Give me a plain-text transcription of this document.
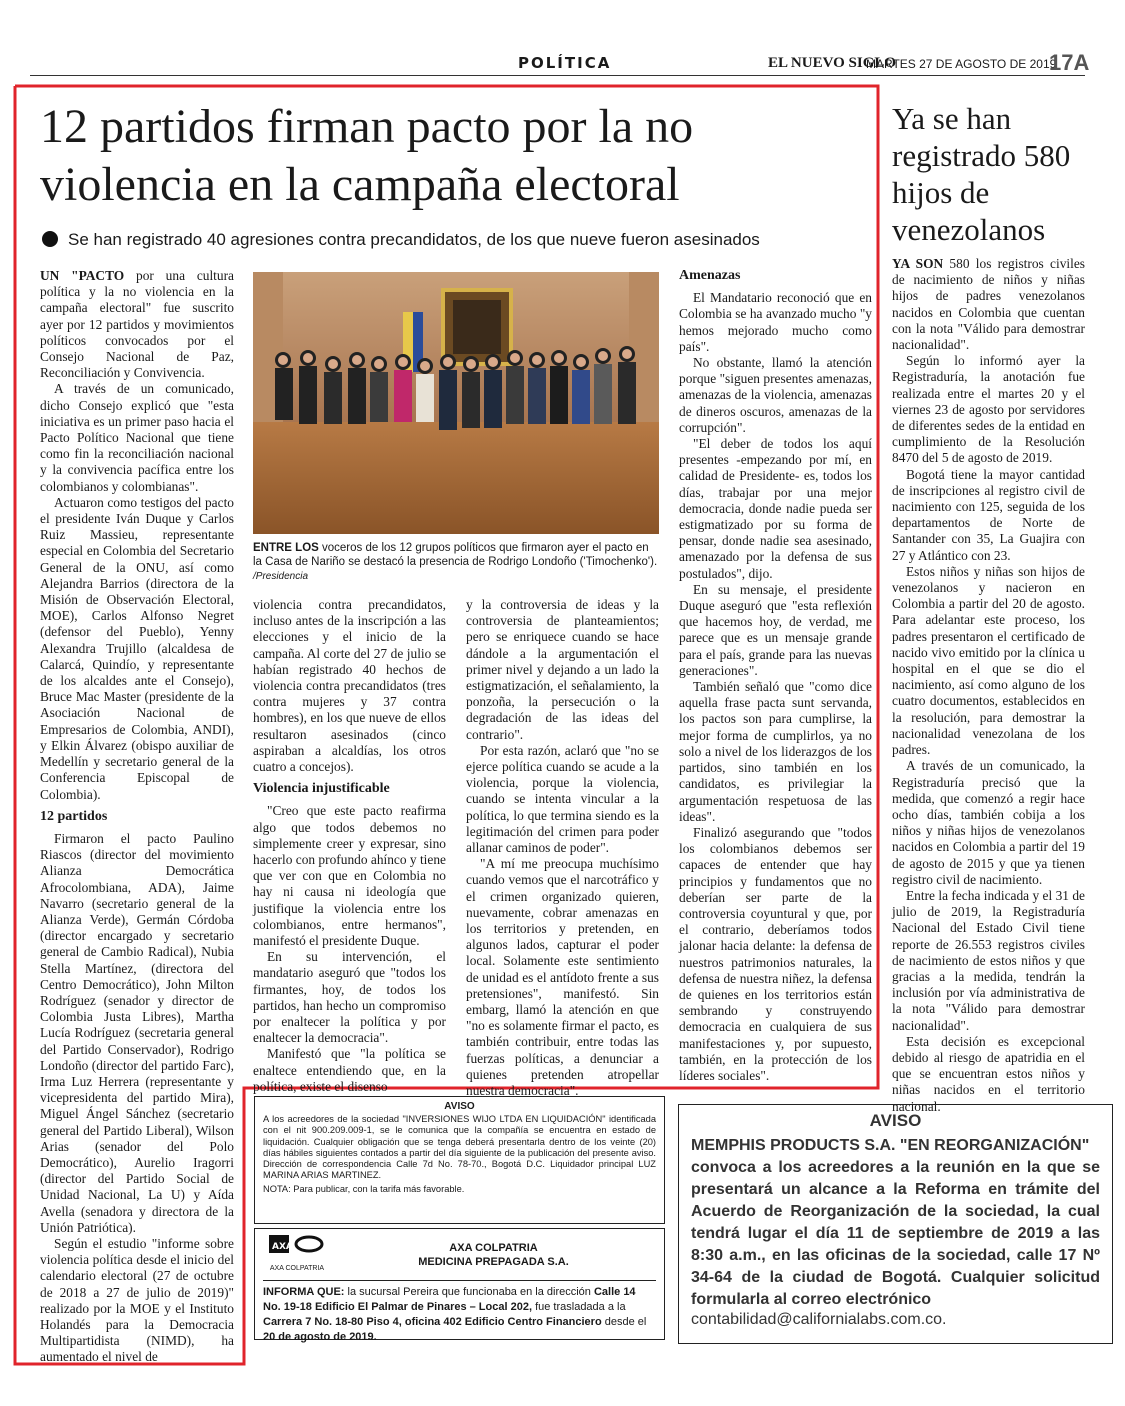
POLÍTICA	EL NUEVO SIGLO
MARTES 27 DE AGOSTO DE 2019
17A
12 partidos firman pacto por la no violencia en la campaña electoral
Se han registrado 40 agresiones contra precandidatos, de los que nueve fueron asesinados

UN "PACTO por una cultura política y la no violencia en la campaña electoral" fue suscrito ayer por 12 partidos y movimientos políticos convocados por el Consejo Nacional de Paz, Reconciliación y Convivencia.

A través de un comunicado, dicho Consejo explicó que "esta iniciativa es un primer paso hacia el Pacto Político Nacional que tiene como fin la reconciliación nacional y la convivencia pacífica entre los colombianos y colombianas".

Actuaron como testigos del pacto el presidente Iván Duque y Carlos Ruiz Massieu, representante especial en Colombia del Secretario General de la ONU, así como Alejandra Barrios (directora de la Misión de Observación Electoral, MOE), Carlos Alfonso Negret (defensor del Pueblo), Yenny Alexandra Trujillo (alcaldesa de Calarcá, Quindío, y representante de los alcaldes ante el Consejo), Bruce Mac Master (presidente de la Asociación Nacional de Empresarios de Colombia, ANDI), y Elkin Álvarez (obispo auxiliar de Medellín y secretario general de la Conferencia Episcopal de Colombia).

12 partidos

Firmaron el pacto Paulino Riascos (director del movimiento Alianza Democrática Afrocolombiana, ADA), Jaime Navarro (secretario general de la Alianza Verde), Germán Córdoba (director encargado y secretario general de Cambio Radical), Nubia Stella Martínez, (directora del Centro Democrático), John Milton Rodríguez (senador y director de Colombia Justa Libres), Martha Lucía Rodríguez (secretaria general del Partido Conservador), Rodrigo Londoño (director del partido Farc), Irma Luz Herrera (representante y vicepresidenta del partido Mira), Miguel Ángel Sánchez (secretario general del Partido Liberal), Wilson Arias (senador del Polo Democrático), Aurelio Iragorri (director del Partido Social de Unidad Nacional, La U) y Aída Avella (senadora y directora de la Unión Patriótica).

Según el estudio "informe sobre violencia política desde el inicio del calendario electoral (27 de octubre de 2018 a 27 de julio de 2019)" realizado por la MOE y el Instituto Holandés para la Democracia Multipartidista (NIMD), ha aumentado el nivel de

ENTRE LOS voceros de los 12 grupos políticos que firmaron ayer el pacto en la Casa de Nariño se destacó la presencia de Rodrigo Londoño ('Timochenko').
/Presidencia

violencia contra precandidatos, incluso antes de la inscripción a las elecciones y el inicio de la campaña. Al corte del 27 de julio se habían registrado 40 hechos de violencia contra precandidatos (tres contra mujeres y 37 contra hombres), en los que nueve de ellos resultaron asesinados (cinco aspiraban a alcaldías, los otros cuatro a concejos).

Violencia injustificable

"Creo que este pacto reafirma algo que todos debemos no simplemente creer y expresar, sino hacerlo con profundo ahínco y tiene que ver con que en Colombia no hay ni causa ni ideología que justifique la violencia entre los colombianos, entre hermanos", manifestó el presidente Duque.

En su intervención, el mandatario aseguró que "todos los firmantes, hoy, de todos los partidos, han hecho un compromiso por enaltecer la política y por enaltecer la democracia".

Manifestó que "la política se enaltece entendiendo que, en la política, existe el disenso

y la controversia de ideas y la controversia de planteamientos; pero se enriquece cuando se hace dándole a la argumentación el primer nivel y dejando a un lado la estigmatización, el señalamiento, la ponzoña, la persecución o la degradación de las ideas del contrario".

Por esta razón, aclaró que "no se ejerce política cuando se acude a la violencia, porque la violencia, cuando se intenta vincular a la política, lo que termina siendo es la legitimación del crimen para poder allanar caminos de poder".

"A mí me preocupa muchísimo cuando vemos que el narcotráfico y el crimen organizado quieren, nuevamente, cobrar amenazas en los territorios y pretenden, en algunos lados, capturar el poder local. Solamente este sentimiento de unidad es el antídoto frente a sus pretensiones", manifestó. Sin embarg, llamó la atención en que "no es solamente firmar el pacto, es también contribuir, entre todas las fuerzas políticas, a denunciar a quienes pretenden atropellar nuestra democracia".

Amenazas

El Mandatario reconoció que en Colombia se ha avanzado mucho "y hemos mejorado mucho como país".

No obstante, llamó la atención porque "siguen presentes amenazas, amenazas de la violencia, amenazas de dineros oscuros, amenazas de la corrupción".

"El deber de todos los aquí presentes -empezando por mí, en calidad de Presidente- es, todos los días, trabajar por una mejor democracia, donde nadie pueda ser estigmatizado por su forma de pensar, donde nadie sea asesinado, amenazado por la defensa de sus postulados", dijo.

En su mensaje, el presidente Duque aseguró que "esta reflexión que hacemos hoy, de verdad, me parece que es un mensaje grande para el país, grande para las nuevas generaciones".

También señaló que "como dice aquella frase pacta sunt servanda, los pactos son para cumplirse, la mejor forma de cumplirlos, ya no solo a nivel de los liderazgos de los partidos, sino también en los candidatos, es privilegiar la argumentación respetuosa de las ideas".

Finalizó asegurando que "todos los colombianos debemos ser capaces de entender que hay principios y fundamentos que no deberían ser parte de la controversia coyuntural y que, por el contrario, deberíamos todos jalonar hacia delante: la defensa de nuestros patrimonios naturales, la defensa de nuestra niñez, la defensa de quienes en los territorios están sembrando y construyendo democracia en cualquiera de sus manifestaciones y, por supuesto, también, en la protección de los líderes sociales".

Ya se han registrado 580 hijos de venezolanos

YA SON 580 los registros civiles de nacimiento de niños y niñas hijos de padres venezolanos nacidos en Colombia que cuentan con la nota "Válido para demostrar nacionalidad".

Según lo informó ayer la Registraduría, la anotación fue realizada entre el martes 20 y el viernes 23 de agosto por servidores de diferentes sedes de la entidad en cumplimiento de la Resolución 8470 del 5 de agosto de 2019.

Bogotá tiene la mayor cantidad de inscripciones al registro civil de nacimiento con 125, seguida de los departamentos de Norte de Santander con 35, La Guajira con 27 y Atlántico con 23.

Estos niños y niñas son hijos de venezolanos y nacieron en Colombia a partir del 20 de agosto. Para adelantar este proceso, los padres presentaron el certificado de nacido vivo emitido por la clínica u hospital en el que se dio el nacimiento, así como alguno de los cuatro documentos, establecidos en la resolución, para demostrar la nacionalidad venezolana de los padres.

A través de un comunicado, la Registraduría precisó que la medida, que comenzó a regir hace ocho días, también cobija a los niños y niñas hijos de venezolanos nacidos en Colombia a partir del 19 de agosto de 2015 y que ya tienen registro civil de nacimiento.

Entre la fecha indicada y el 31 de julio de 2019, la Registraduría Nacional del Estado Civil tiene reporte de 26.553 registros civiles de nacimiento de estos niños y que gracias a la medida, tendrán la inclusión por vía administrativa de la nota "Válido para demostrar nacionalidad".

Esta decisión es excepcional debido al riesgo de apatridia en el que se encuentran estos niños y niñas nacidos en el territorio nacional.

AVISO
A los acreedores de la sociedad "INVERSIONES WIJO LTDA EN LIQUIDACIÓN" identificada con el nit 900.209.009-1, se le comunica que la compañía se encuentra en estado de liquidación. Cualquier obligación que se tenga deberá presentarla dentro de los veinte (20) días hábiles siguientes contados a partir del día siguiente de la publicación del presente aviso. Dirección de correspondencia Calle 7d No. 78-70., Bogotá D.C. Liquidador principal LUZ MARINA ARIAS MARTINEZ.
NOTA: Para publicar, con la tarifa más favorable.
AXA
AXA COLPATRIA
AXA COLPATRIA
MEDICINA PREPAGADA S.A.
INFORMA QUE: la sucursal Pereira que funcionaba en la dirección Calle 14 No. 19-18 Edificio El Palmar de Pinares – Local 202, fue trasladada a la Carrera 7 No. 18-80 Piso 4, oficina 402 Edificio Centro Financiero desde el 20 de agosto de 2019.
AVISO
MEMPHIS PRODUCTS S.A. "EN REORGANIZACIÓN"
convoca a los acreedores a la reunión en la que se presentará un alcance a la Reforma en trámite del Acuerdo de Reorganización de la sociedad, la cual tendrá lugar el día 11 de septiembre de 2019 a las 8:30 a.m., en las oficinas de la sociedad, calle 17 Nº 34-64 de la ciudad de Bogotá. Cualquier solicitud formularla al correo electrónico
contabilidad@californialabs.com.co.
